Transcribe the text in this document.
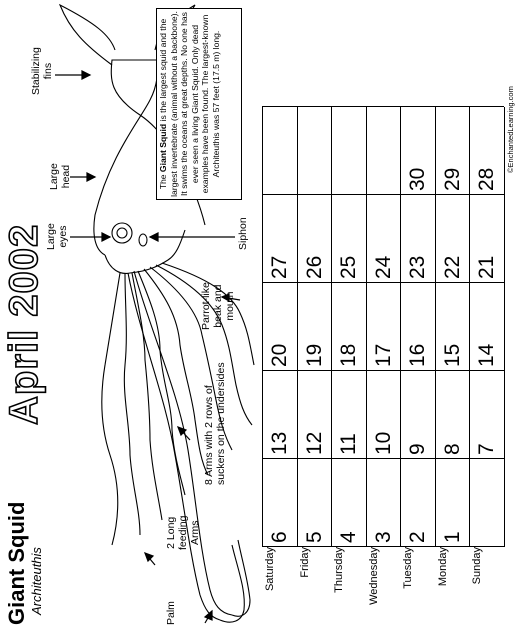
Giant Squid Architeuthis
April 2002
Palm
2 Long feeding Arms
8 Arms with 2 rows of suckers on the undersides
Parrot-like beak and mouth
Large eyes	Siphon
Large head
Stabilizing fins
The Giant Squid is the largest squid and the largest invertebrate (animal without a backbone). It swims the oceans at great depths. No one has ever seen a living Giant Squid. Only dead examples have been found. The largest-known Architeuthis was 57 feet (17.5 m) long.
Saturday Friday Thursday Wednesday Tuesday Monday Sunday
6 5 4 3 2 1
13 12 11 10 9 8 7
20 19 18 17 16 15 14
27 26 25 24 23 22 21
30 29 28
©EnchantedLearning.com
